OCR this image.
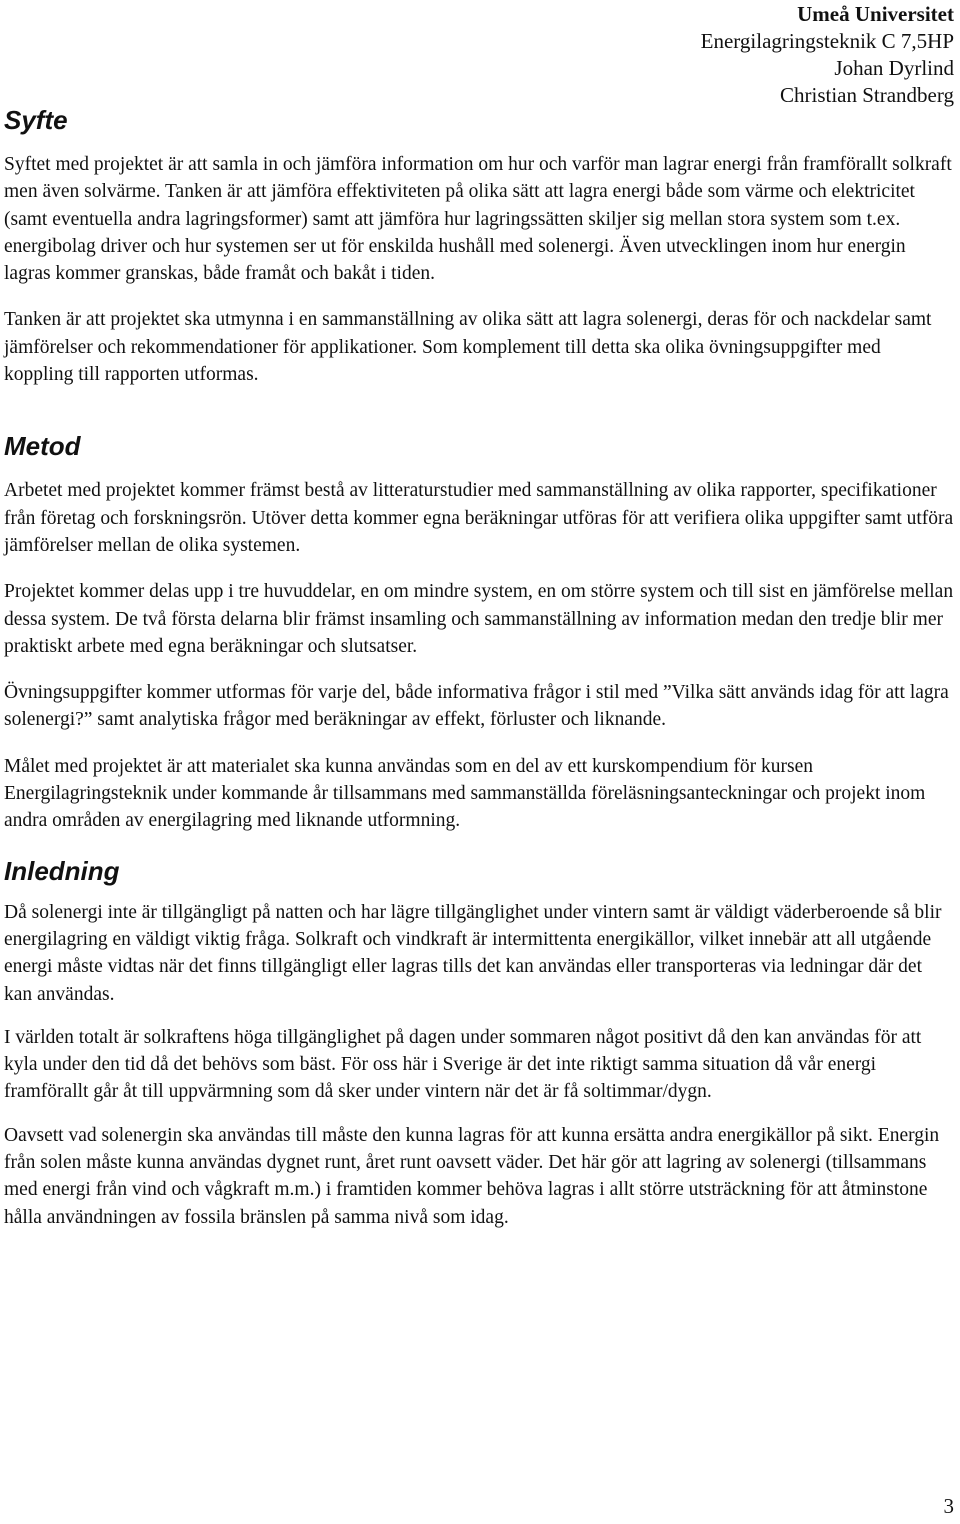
Umeå Universitet
Energilagringsteknik C 7,5HP
Johan Dyrlind
Christian Strandberg
Syfte

Syftet med projektet är att samla in och jämföra information om hur och varför man lagrar energi från framförallt solkraft men även solvärme. Tanken är att jämföra effektiviteten på olika sätt att lagra energi både som värme och elektricitet (samt eventuella andra lagringsformer) samt att jämföra hur lagringssätten skiljer sig mellan stora system som t.ex. energibolag driver och hur systemen ser ut för enskilda hushåll med solenergi. Även utvecklingen inom hur energin lagras kommer granskas, både framåt och bakåt i tiden.

Tanken är att projektet ska utmynna i en sammanställning av olika sätt att lagra solenergi, deras för och nackdelar samt jämförelser och rekommendationer för applikationer. Som komplement till detta ska olika övningsuppgifter med koppling till rapporten utformas.

Metod

Arbetet med projektet kommer främst bestå av litteraturstudier med sammanställning av olika rapporter, specifikationer från företag och forskningsrön. Utöver detta kommer egna beräkningar utföras för att verifiera olika uppgifter samt utföra jämförelser mellan de olika systemen.

Projektet kommer delas upp i tre huvuddelar, en om mindre system, en om större system och till sist en jämförelse mellan dessa system. De två första delarna blir främst insamling och sammanställning av information medan den tredje blir mer praktiskt arbete med egna beräkningar och slutsatser.

Övningsuppgifter kommer utformas för varje del, både informativa frågor i stil med ”Vilka sätt används idag för att lagra solenergi?” samt analytiska frågor med beräkningar av effekt, förluster och liknande.

Målet med projektet är att materialet ska kunna användas som en del av ett kurskompendium för kursen Energilagringsteknik under kommande år tillsammans med sammanställda föreläsningsanteckningar och projekt inom andra områden av energilagring med liknande utformning.

Inledning

Då solenergi inte är tillgängligt på natten och har lägre tillgänglighet under vintern samt är väldigt väderberoende så blir energilagring en väldigt viktig fråga. Solkraft och vindkraft är intermittenta energikällor, vilket innebär att all utgående energi måste vidtas när det finns tillgängligt eller lagras tills det kan användas eller transporteras via ledningar där det kan användas.

I världen totalt är solkraftens höga tillgänglighet på dagen under sommaren något positivt då den kan användas för att kyla under den tid då det behövs som bäst. För oss här i Sverige är det inte riktigt samma situation då vår energi framförallt går åt till uppvärmning som då sker under vintern när det är få soltimmar/dygn.

Oavsett vad solenergin ska användas till måste den kunna lagras för att kunna ersätta andra energikällor på sikt. Energin från solen måste kunna användas dygnet runt, året runt oavsett väder. Det här gör att lagring av solenergi (tillsammans med energi från vind och vågkraft m.m.) i framtiden kommer behöva lagras i allt större utsträckning för att åtminstone hålla användningen av fossila bränslen på samma nivå som idag.

3
